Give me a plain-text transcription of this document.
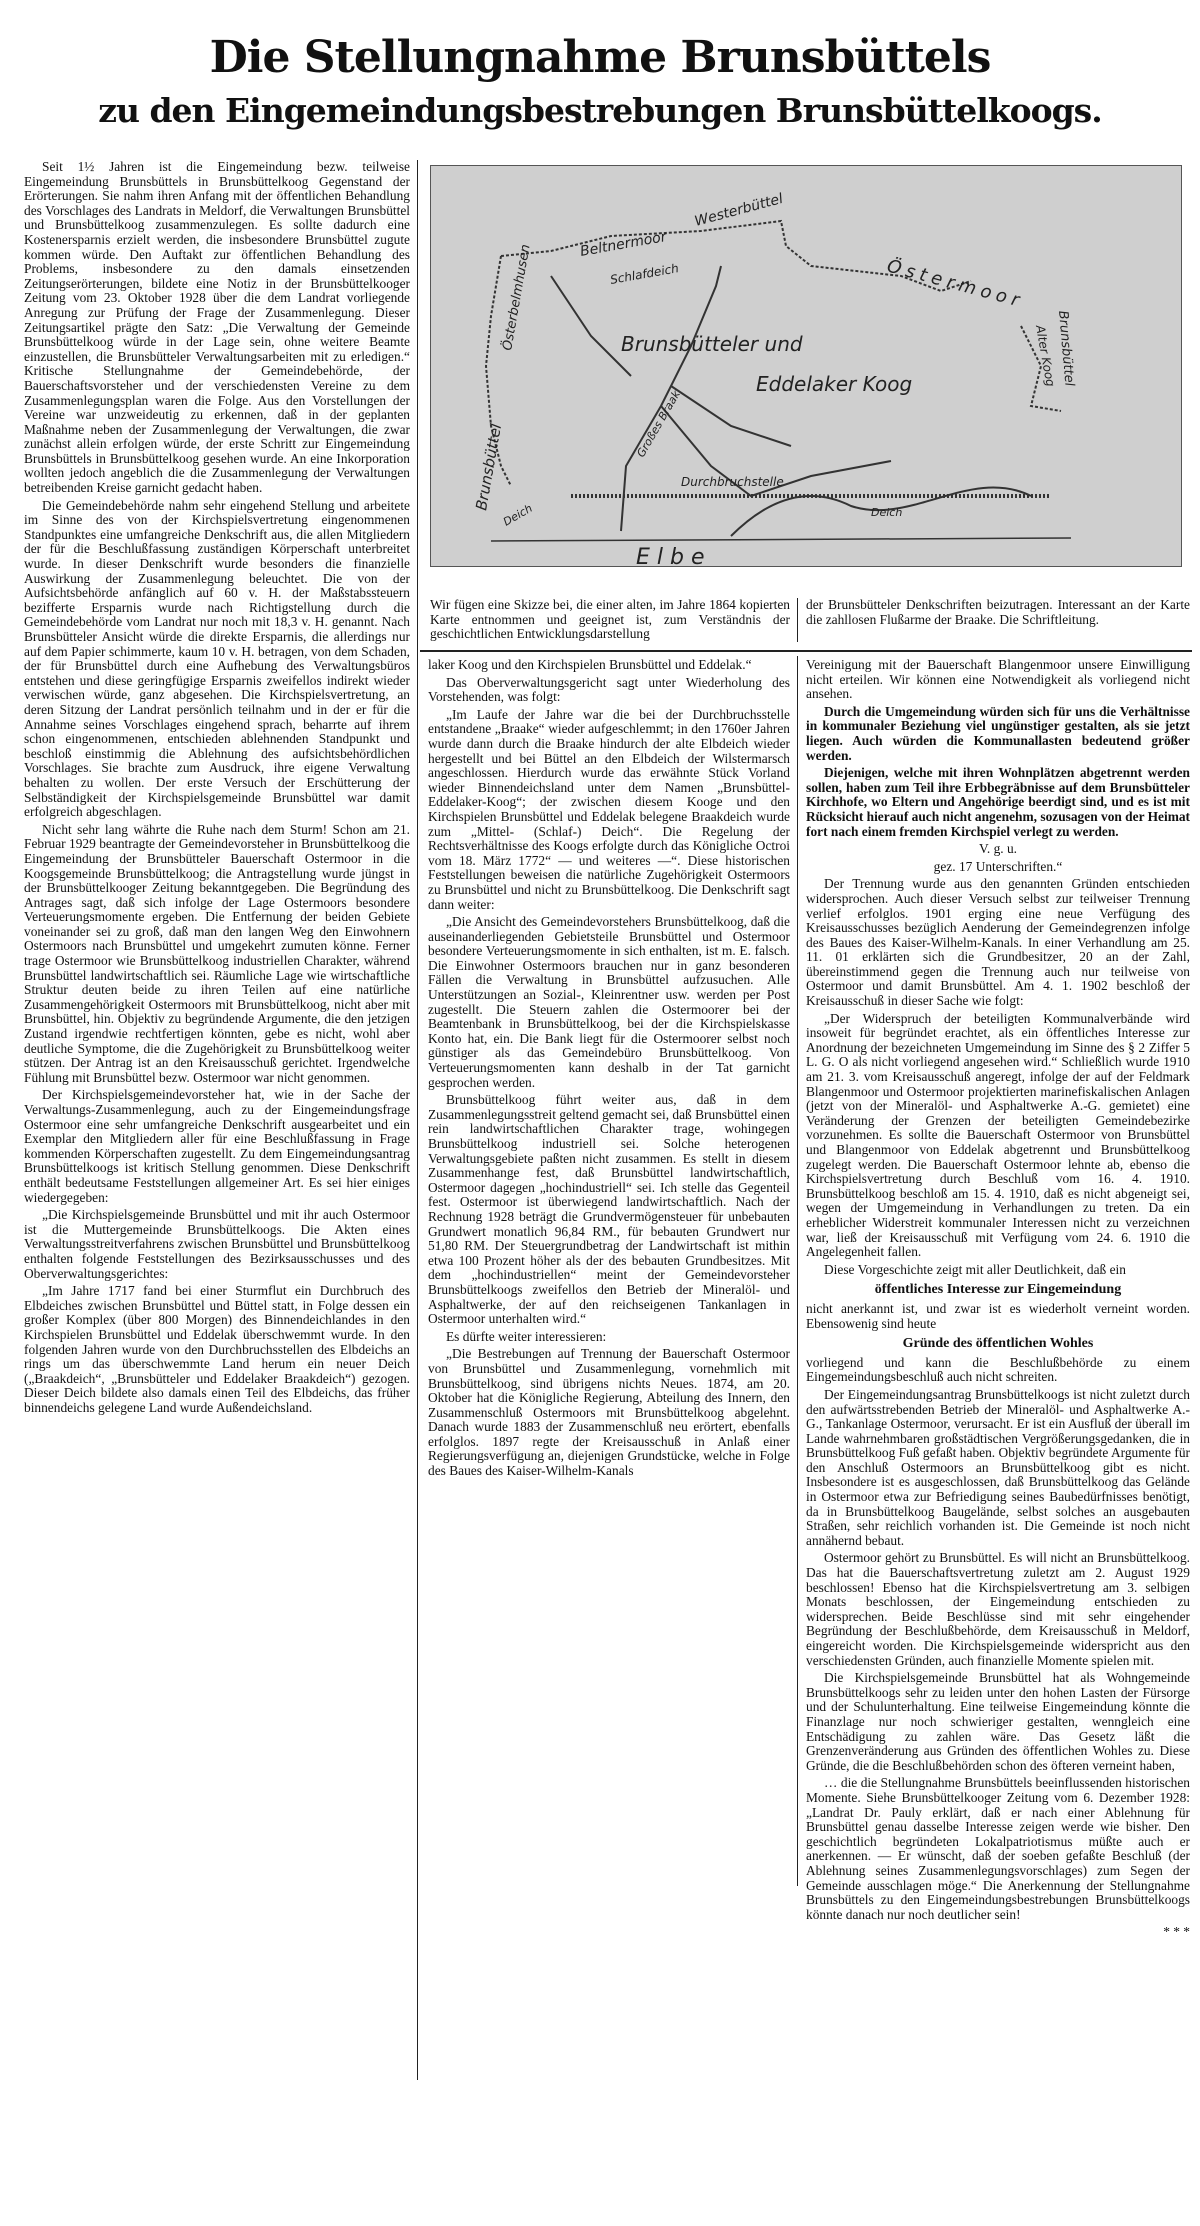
Die Stellungnahme Brunsbüttels
zu den Eingemeindungsbestrebungen Brunsbüttelkoogs.
Westerbüttel
Beltnermoor
Schlafdeich
Österbelmhusen	Östermoor
Brunsbütteler und
Eddelaker Koog
Großes Braak
Alter Koog
Brunsbüttel
Brunsbüttel
Deich
Durchbruchstelle
Deich
E l b e
Wir fügen eine Skizze bei, die einer alten, im Jahre 1864 kopierten Karte entnommen und geeignet ist, zum Verständnis der geschichtlichen Entwicklungsdarstellung
der Brunsbütteler Denkschriften beizutragen. Interessant an der Karte die zahllosen Flußarme der Braake. Die Schriftleitung.

Seit 1½ Jahren ist die Eingemeindung bezw. teilweise Eingemeindung Brunsbüttels in Brunsbüttelkoog Gegenstand der Erörterungen. Sie nahm ihren Anfang mit der öffentlichen Behandlung des Vorschlages des Landrats in Meldorf, die Verwaltungen Brunsbüttel und Brunsbüttelkoog zusammenzulegen. Es sollte dadurch eine Kostenersparnis erzielt werden, die insbesondere Brunsbüttel zugute kommen würde. Den Auftakt zur öffentlichen Behandlung des Problems, insbesondere zu den damals einsetzenden Zeitungserörterungen, bildete eine Notiz in der Brunsbüttelkooger Zeitung vom 23. Oktober 1928 über die dem Landrat vorliegende Anregung zur Prüfung der Frage der Zusammenlegung. Dieser Zeitungsartikel prägte den Satz: „Die Verwaltung der Gemeinde Brunsbüttelkoog würde in der Lage sein, ohne weitere Beamte einzustellen, die Brunsbütteler Verwaltungsarbeiten mit zu erledigen.“ Kritische Stellungnahme der Gemeindebehörde, der Bauerschaftsvorsteher und der verschiedensten Vereine zu dem Zusammenlegungsplan waren die Folge. Aus den Vorstellungen der Vereine war unzweideutig zu erkennen, daß in der geplanten Maßnahme neben der Zusammenlegung der Verwaltungen, die zwar zunächst allein erfolgen würde, der erste Schritt zur Eingemeindung Brunsbüttels in Brunsbüttelkoog gesehen wurde. An eine Inkorporation wollten jedoch angeblich die die Zusammenlegung der Verwaltungen betreibenden Kreise garnicht gedacht haben.

Die Gemeindebehörde nahm sehr eingehend Stellung und arbeitete im Sinne des von der Kirchspielsvertretung eingenommenen Standpunktes eine umfangreiche Denkschrift aus, die allen Mitgliedern der für die Beschlußfassung zuständigen Körperschaft unterbreitet wurde. In dieser Denkschrift wurde besonders die finanzielle Auswirkung der Zusammenlegung beleuchtet. Die von der Aufsichtsbehörde anfänglich auf 60 v. H. der Maßstabssteuern bezifferte Ersparnis wurde nach Richtigstellung durch die Gemeindebehörde vom Landrat nur noch mit 18,3 v. H. genannt. Nach Brunsbütteler Ansicht würde die direkte Ersparnis, die allerdings nur auf dem Papier schimmerte, kaum 10 v. H. betragen, von dem Schaden, der für Brunsbüttel durch eine Aufhebung des Verwaltungsbüros entstehen und diese geringfügige Ersparnis zweifellos indirekt wieder verwischen würde, ganz abgesehen. Die Kirchspielsvertretung, an deren Sitzung der Landrat persönlich teilnahm und in der er für die Annahme seines Vorschlages eingehend sprach, beharrte auf ihrem schon eingenommenen, entschieden ablehnenden Standpunkt und beschloß einstimmig die Ablehnung des aufsichtsbehördlichen Vorschlages. Sie brachte zum Ausdruck, ihre eigene Verwaltung behalten zu wollen. Der erste Versuch der Erschütterung der Selbständigkeit der Kirchspielsgemeinde Brunsbüttel war damit erfolgreich abgeschlagen.

Nicht sehr lang währte die Ruhe nach dem Sturm! Schon am 21. Februar 1929 beantragte der Gemeindevorsteher in Brunsbüttelkoog die Eingemeindung der Brunsbütteler Bauerschaft Ostermoor in die Koogsgemeinde Brunsbüttelkoog; die Antragstellung wurde jüngst in der Brunsbüttelkooger Zeitung bekanntgegeben. Die Begründung des Antrages sagt, daß sich infolge der Lage Ostermoors besondere Verteuerungsmomente ergeben. Die Entfernung der beiden Gebiete voneinander sei zu groß, daß man den langen Weg den Einwohnern Ostermoors nach Brunsbüttel und umgekehrt zumuten könne. Ferner trage Ostermoor wie Brunsbüttelkoog industriellen Charakter, während Brunsbüttel landwirtschaftlich sei. Räumliche Lage wie wirtschaftliche Struktur deuten beide zu ihren Teilen auf eine natürliche Zusammengehörigkeit Ostermoors mit Brunsbüttelkoog, nicht aber mit Brunsbüttel, hin. Objektiv zu begründende Argumente, die den jetzigen Zustand irgendwie rechtfertigen könnten, gebe es nicht, wohl aber deutliche Symptome, die die Zugehörigkeit zu Brunsbüttelkoog weiter stützen. Der Antrag ist an den Kreisausschuß gerichtet. Irgendwelche Fühlung mit Brunsbüttel bezw. Ostermoor war nicht genommen.

Der Kirchspielsgemeindevorsteher hat, wie in der Sache der Verwaltungs-Zusammenlegung, auch zu der Eingemeindungsfrage Ostermoor eine sehr umfangreiche Denkschrift ausgearbeitet und ein Exemplar den Mitgliedern aller für eine Beschlußfassung in Frage kommenden Körperschaften zugestellt. Zu dem Eingemeindungsantrag Brunsbüttelkoogs ist kritisch Stellung genommen. Diese Denkschrift enthält bedeutsame Feststellungen allgemeiner Art. Es sei hier einiges wiedergegeben:

„Die Kirchspielsgemeinde Brunsbüttel und mit ihr auch Ostermoor ist die Muttergemeinde Brunsbüttelkoogs. Die Akten eines Verwaltungsstreitverfahrens zwischen Brunsbüttel und Brunsbüttelkoog enthalten folgende Feststellungen des Bezirksausschusses und des Oberverwaltungsgerichtes:

„Im Jahre 1717 fand bei einer Sturmflut ein Durchbruch des Elbdeiches zwischen Brunsbüttel und Büttel statt, in Folge dessen ein großer Komplex (über 800 Morgen) des Binnendeichlandes in den Kirchspielen Brunsbüttel und Eddelak überschwemmt wurde. In den folgenden Jahren wurde von den Durchbruchsstellen des Elbdeichs an rings um das überschwemmte Land herum ein neuer Deich („Braakdeich“, „Brunsbütteler und Eddelaker Braakdeich“) gezogen. Dieser Deich bildete also damals einen Teil des Elbdeichs, das früher binnendeichs gelegene Land wurde Außendeichsland.

laker Koog und den Kirchspielen Brunsbüttel und Eddelak.“

Das Oberverwaltungsgericht sagt unter Wiederholung des Vorstehenden, was folgt:

„Im Laufe der Jahre war die bei der Durchbruchsstelle entstandene „Braake“ wieder aufgeschlemmt; in den 1760er Jahren wurde dann durch die Braake hindurch der alte Elbdeich wieder hergestellt und bei Büttel an den Elbdeich der Wilstermarsch angeschlossen. Hierdurch wurde das erwähnte Stück Vorland wieder Binnendeichsland unter dem Namen „Brunsbüttel-Eddelaker-Koog“; der zwischen diesem Kooge und den Kirchspielen Brunsbüttel und Eddelak belegene Braakdeich wurde zum „Mittel- (Schlaf-) Deich“. Die Regelung der Rechtsverhältnisse des Koogs erfolgte durch das Königliche Octroi vom 18. März 1772“ — und weiteres —“. Diese historischen Feststellungen beweisen die natürliche Zugehörigkeit Ostermoors zu Brunsbüttel und nicht zu Brunsbüttelkoog. Die Denkschrift sagt dann weiter:

„Die Ansicht des Gemeindevorstehers Brunsbüttelkoog, daß die auseinanderliegenden Gebietsteile Brunsbüttel und Ostermoor besondere Verteuerungsmomente in sich enthalten, ist m. E. falsch. Die Einwohner Ostermoors brauchen nur in ganz besonderen Fällen die Verwaltung in Brunsbüttel aufzusuchen. Alle Unterstützungen an Sozial-, Kleinrentner usw. werden per Post zugestellt. Die Steuern zahlen die Ostermoorer bei der Beamtenbank in Brunsbüttelkoog, bei der die Kirchspielskasse Konto hat, ein. Die Bank liegt für die Ostermoorer selbst noch günstiger als das Gemeindebüro Brunsbüttelkoog. Von Verteuerungsmomenten kann deshalb in der Tat garnicht gesprochen werden.

Brunsbüttelkoog führt weiter aus, daß in dem Zusammenlegungsstreit geltend gemacht sei, daß Brunsbüttel einen rein landwirtschaftlichen Charakter trage, wohingegen Brunsbüttelkoog industriell sei. Solche heterogenen Verwaltungsgebiete paßten nicht zusammen. Es stellt in diesem Zusammenhange fest, daß Brunsbüttel landwirtschaftlich, Ostermoor dagegen „hochindustriell“ sei. Ich stelle das Gegenteil fest. Ostermoor ist überwiegend landwirtschaftlich. Nach der Rechnung 1928 beträgt die Grundvermögensteuer für unbebauten Grundwert monatlich 96,84 RM., für bebauten Grundwert nur 51,80 RM. Der Steuergrundbetrag der Landwirtschaft ist mithin etwa 100 Prozent höher als der des bebauten Grundbesitzes. Mit dem „hochindustriellen“ meint der Gemeindevorsteher Brunsbüttelkoogs zweifellos den Betrieb der Mineralöl- und Asphaltwerke, der auf den reichseigenen Tankanlagen in Ostermoor unterhalten wird.“

Es dürfte weiter interessieren:

„Die Bestrebungen auf Trennung der Bauerschaft Ostermoor von Brunsbüttel und Zusammenlegung, vornehmlich mit Brunsbüttelkoog, sind übrigens nichts Neues. 1874, am 20. Oktober hat die Königliche Regierung, Abteilung des Innern, den Zusammenschluß Ostermoors mit Brunsbüttelkoog abgelehnt. Danach wurde 1883 der Zusammenschluß neu erörtert, ebenfalls erfolglos. 1897 regte der Kreisausschuß in Anlaß einer Regierungsverfügung an, diejenigen Grundstücke, welche in Folge des Baues des Kaiser-Wilhelm-Kanals

Vereinigung mit der Bauerschaft Blangenmoor unsere Einwilligung nicht erteilen. Wir können eine Notwendigkeit als vorliegend nicht ansehen.

Durch die Umgemeindung würden sich für uns die Verhältnisse in kommunaler Beziehung viel ungünstiger gestalten, als sie jetzt liegen. Auch würden die Kommunallasten bedeutend größer werden.

Diejenigen, welche mit ihren Wohnplätzen abgetrennt werden sollen, haben zum Teil ihre Erbbegräbnisse auf dem Brunsbütteler Kirchhofe, wo Eltern und Angehörige beerdigt sind, und es ist mit Rücksicht hierauf auch nicht angenehm, sozusagen von der Heimat fort nach einem fremden Kirchspiel verlegt zu werden.

V. g. u.

gez. 17 Unterschriften.“

Der Trennung wurde aus den genannten Gründen entschieden widersprochen. Auch dieser Versuch selbst zur teilweiser Trennung verlief erfolglos. 1901 erging eine neue Verfügung des Kreisausschusses bezüglich Aenderung der Gemeindegrenzen infolge des Baues des Kaiser-Wilhelm-Kanals. In einer Verhandlung am 25. 11. 01 erklärten sich die Grundbesitzer, 20 an der Zahl, übereinstimmend gegen die Trennung auch nur teilweise von Ostermoor und damit Brunsbüttel. Am 4. 1. 1902 beschloß der Kreisausschuß in dieser Sache wie folgt:

„Der Widerspruch der beteiligten Kommunalverbände wird insoweit für begründet erachtet, als ein öffentliches Interesse zur Anordnung der bezeichneten Umgemeindung im Sinne des § 2 Ziffer 5 L. G. O als nicht vorliegend angesehen wird.“ Schließlich wurde 1910 am 21. 3. vom Kreisausschuß angeregt, infolge der auf der Feldmark Blangenmoor und Ostermoor projektierten marinefiskalischen Anlagen (jetzt von der Mineralöl- und Asphaltwerke A.-G. gemietet) eine Veränderung der Grenzen der beteiligten Gemeindebezirke vorzunehmen. Es sollte die Bauerschaft Ostermoor von Brunsbüttel und Blangenmoor von Eddelak abgetrennt und Brunsbüttelkoog zugelegt werden. Die Bauerschaft Ostermoor lehnte ab, ebenso die Kirchspielsvertretung durch Beschluß vom 16. 4. 1910. Brunsbüttelkoog beschloß am 15. 4. 1910, daß es nicht abgeneigt sei, wegen der Umgemeindung in Verhandlungen zu treten. Da ein erheblicher Widerstreit kommunaler Interessen nicht zu verzeichnen war, ließ der Kreisausschuß mit Verfügung vom 24. 6. 1910 die Angelegenheit fallen.

Diese Vorgeschichte zeigt mit aller Deutlichkeit, daß ein

öffentliches Interesse zur Eingemeindung

nicht anerkannt ist, und zwar ist es wiederholt verneint worden. Ebensowenig sind heute

Gründe des öffentlichen Wohles

vorliegend und kann die Beschlußbehörde zu einem Eingemeindungsbeschluß auch nicht schreiten.

Der Eingemeindungsantrag Brunsbüttelkoogs ist nicht zuletzt durch den aufwärtsstrebenden Betrieb der Mineralöl- und Asphaltwerke A.-G., Tankanlage Ostermoor, verursacht. Er ist ein Ausfluß der überall im Lande wahrnehmbaren großstädtischen Vergrößerungsgedanken, die in Brunsbüttelkoog Fuß gefaßt haben. Objektiv begründete Argumente für den Anschluß Ostermoors an Brunsbüttelkoog gibt es nicht. Insbesondere ist es ausgeschlossen, daß Brunsbüttelkoog das Gelände in Ostermoor etwa zur Befriedigung seines Baubedürfnisses benötigt, da in Brunsbüttelkoog Baugelände, selbst solches an ausgebauten Straßen, sehr reichlich vorhanden ist. Die Gemeinde ist noch nicht annähernd bebaut.

Ostermoor gehört zu Brunsbüttel. Es will nicht an Brunsbüttelkoog. Das hat die Bauerschaftsvertretung zuletzt am 2. August 1929 beschlossen! Ebenso hat die Kirchspielsvertretung am 3. selbigen Monats beschlossen, der Eingemeindung entschieden zu widersprechen. Beide Beschlüsse sind mit sehr eingehender Begründung der Beschlußbehörde, dem Kreisausschuß in Meldorf, eingereicht worden. Die Kirchspielsgemeinde widerspricht aus den verschiedensten Gründen, auch finanzielle Momente spielen mit.

Die Kirchspielsgemeinde Brunsbüttel hat als Wohngemeinde Brunsbüttelkoogs sehr zu leiden unter den hohen Lasten der Fürsorge und der Schulunterhaltung. Eine teilweise Eingemeindung könnte die Finanzlage nur noch schwieriger gestalten, wenngleich eine Entschädigung zu zahlen wäre. Das Gesetz läßt die Grenzenveränderung aus Gründen des öffentlichen Wohles zu. Diese Gründe, die die Beschlußbehörden schon des öfteren verneint haben,

… die die Stellungnahme Brunsbüttels beeinflussenden historischen Momente. Siehe Brunsbüttelkooger Zeitung vom 6. Dezember 1928: „Landrat Dr. Pauly erklärt, daß er nach einer Ablehnung für Brunsbüttel genau dasselbe Interesse zeigen werde wie bisher. Den geschichtlich begründeten Lokalpatriotismus müßte auch er anerkennen. — Er wünscht, daß der soeben gefaßte Beschluß (der Ablehnung seines Zusammenlegungsvorschlages) zum Segen der Gemeinde ausschlagen möge.“ Die Anerkennung der Stellungnahme Brunsbüttels zu den Eingemeindungsbestrebungen Brunsbüttelkoogs könnte danach nur noch deutlicher sein!

* * *
